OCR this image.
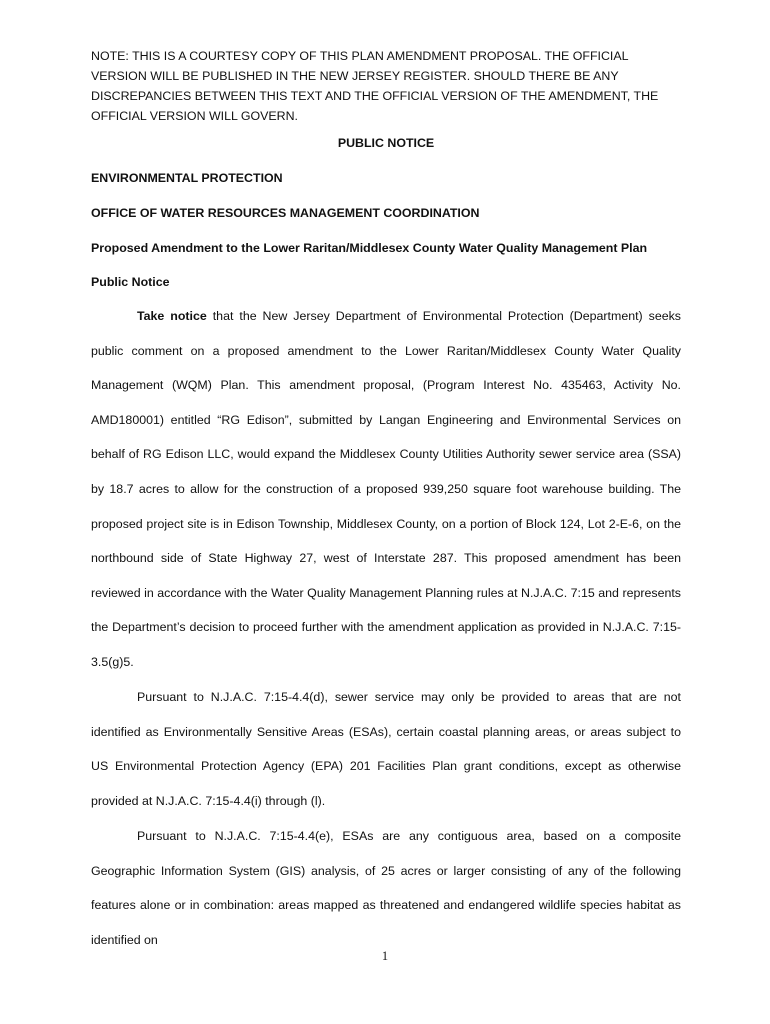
NOTE: THIS IS A COURTESY COPY OF THIS PLAN AMENDMENT PROPOSAL. THE OFFICIAL VERSION WILL BE PUBLISHED IN THE NEW JERSEY REGISTER. SHOULD THERE BE ANY DISCREPANCIES BETWEEN THIS TEXT AND THE OFFICIAL VERSION OF THE AMENDMENT, THE OFFICIAL VERSION WILL GOVERN.

PUBLIC NOTICE

ENVIRONMENTAL PROTECTION

OFFICE OF WATER RESOURCES MANAGEMENT COORDINATION

Proposed Amendment to the Lower Raritan/Middlesex County Water Quality Management Plan

Public Notice

Take notice that the New Jersey Department of Environmental Protection (Department) seeks public comment on a proposed amendment to the Lower Raritan/Middlesex County Water Quality Management (WQM) Plan. This amendment proposal, (Program Interest No. 435463, Activity No. AMD180001) entitled “RG Edison”, submitted by Langan Engineering and Environmental Services on behalf of RG Edison LLC, would expand the Middlesex County Utilities Authority sewer service area (SSA) by 18.7 acres to allow for the construction of a proposed 939,250 square foot warehouse building. The proposed project site is in Edison Township, Middlesex County, on a portion of Block 124, Lot 2-E-6, on the northbound side of State Highway 27, west of Interstate 287. This proposed amendment has been reviewed in accordance with the Water Quality Management Planning rules at N.J.A.C. 7:15 and represents the Department’s decision to proceed further with the amendment application as provided in N.J.A.C. 7:15-3.5(g)5.

Pursuant to N.J.A.C. 7:15-4.4(d), sewer service may only be provided to areas that are not identified as Environmentally Sensitive Areas (ESAs), certain coastal planning areas, or areas subject to US Environmental Protection Agency (EPA) 201 Facilities Plan grant conditions, except as otherwise provided at N.J.A.C. 7:15-4.4(i) through (l).

Pursuant to N.J.A.C. 7:15-4.4(e), ESAs are any contiguous area, based on a composite Geographic Information System (GIS) analysis, of 25 acres or larger consisting of any of the following features alone or in combination: areas mapped as threatened and endangered wildlife species habitat as identified on

1
